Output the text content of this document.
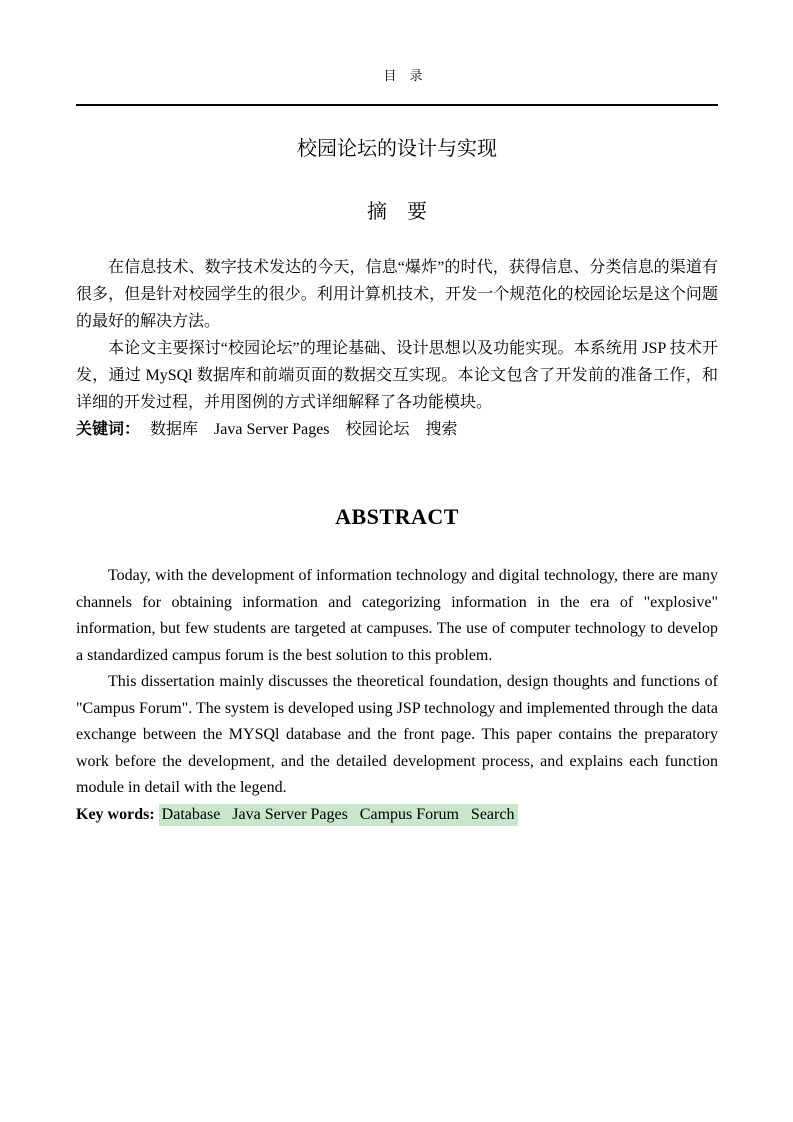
目　录

校园论坛的设计与实现
摘　要

在信息技术、数字技术发达的今天，信息“爆炸”的时代，获得信息、分类信息的渠道有很多，但是针对校园学生的很少。利用计算机技术，开发一个规范化的校园论坛是这个问题的最好的解决方法。

本论文主要探讨“校园论坛”的理论基础、设计思想以及功能实现。本系统用 JSP 技术开发，通过 MySQl 数据库和前端页面的数据交互实现。本论文包含了开发前的准备工作，和详细的开发过程，并用图例的方式详细解释了各功能模块。

关键词： 数据库　Java Server Pages　校园论坛　搜索

ABSTRACT

Today, with the development of information technology and digital technology, there are many channels for obtaining information and categorizing information in the era of "explosive" information, but few students are targeted at campuses. The use of computer technology to develop a standardized campus forum is the best solution to this problem.

This dissertation mainly discusses the theoretical foundation, design thoughts and functions of "Campus Forum". The system is developed using JSP technology and implemented through the data exchange between the MYSQl database and the front page. This paper contains the preparatory work before the development, and the detailed development process, and explains each function module in detail with the legend.

Key words: Database   Java Server Pages   Campus Forum   Search
